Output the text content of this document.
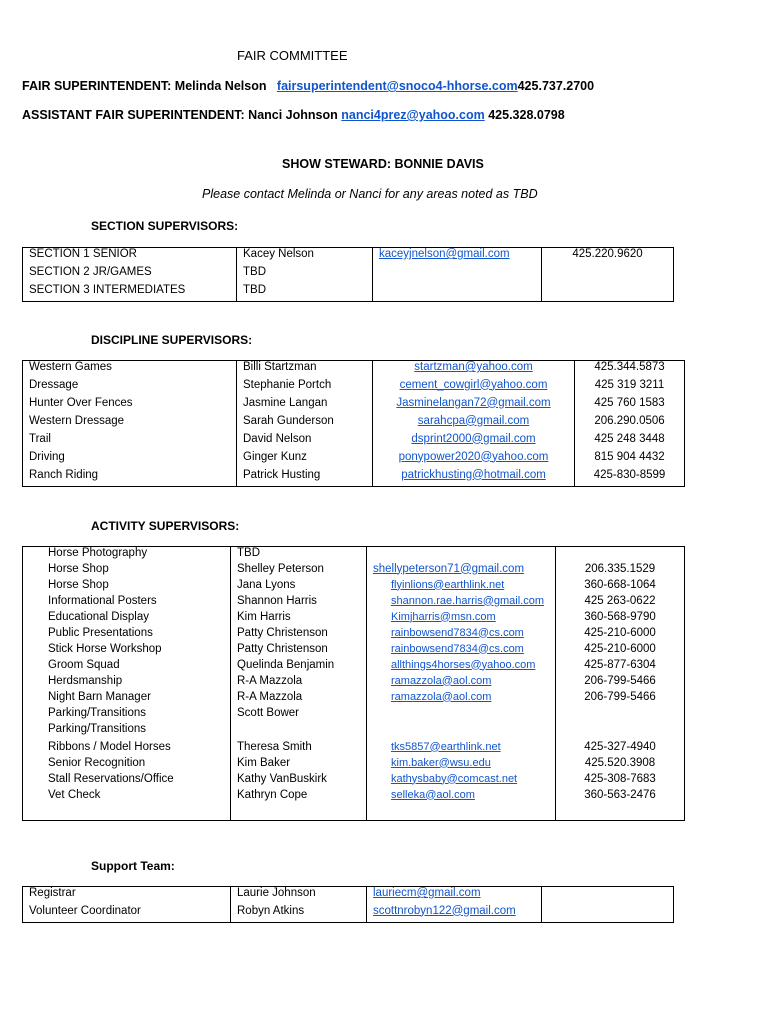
FAIR COMMITTEE
FAIR SUPERINTENDENT: Melinda Nelson fairsuperintendent@snoco4-hhorse.com425.737.2700
ASSISTANT FAIR SUPERINTENDENT: Nanci Johnson nanci4prez@yahoo.com 425.328.0798
SHOW STEWARD: BONNIE DAVIS
Please contact Melinda or Nanci for any areas noted as TBD
SECTION SUPERVISORS:
SECTION 1 SENIOR	Kacey Nelson	kaceyjnelson@gmail.com	425.220.9620
SECTION 2 JR/GAMES	TBD		
SECTION 3 INTERMEDIATES	TBD		
DISCIPLINE SUPERVISORS:
Western Games	Billi Startzman	startzman@yahoo.com	425.344.5873
Dressage	Stephanie Portch	cement_cowgirl@yahoo.com	425 319 3211
Hunter Over Fences	Jasmine Langan	Jasminelangan72@gmail.com	425 760 1583
Western Dressage	Sarah Gunderson	sarahcpa@gmail.com	206.290.0506
Trail	David Nelson	dsprint2000@gmail.com	425 248 3448
Driving	Ginger Kunz	ponypower2020@yahoo.com	815 904 4432
Ranch Riding	Patrick Husting	patrickhusting@hotmail.com	425-830-8599
ACTIVITY SUPERVISORS:
Horse Photography	TBD		
Horse Shop	Shelley Peterson	shellypeterson71@gmail.com	206.335.1529
Horse Shop	Jana Lyons	flyinlions@earthlink.net	360-668-1064
Informational Posters	Shannon Harris	shannon.rae.harris@gmail.com	425 263-0622
Educational Display	Kim Harris	Kimjharris@msn.com	360-568-9790
Public Presentations	Patty Christenson	rainbowsend7834@cs.com	425-210-6000
Stick Horse Workshop	Patty Christenson	rainbowsend7834@cs.com	425-210-6000
Groom Squad	Quelinda Benjamin	allthings4horses@yahoo.com	425-877-6304
Herdsmanship	R-A Mazzola	ramazzola@aol.com	206-799-5466
Night Barn Manager	R-A Mazzola	ramazzola@aol.com	206-799-5466
Parking/Transitions	Scott Bower		
Parking/Transitions			
Ribbons / Model Horses	Theresa Smith	tks5857@earthlink.net	425-327-4940
Senior Recognition	Kim Baker	kim.baker@wsu.edu	425.520.3908
Stall Reservations/Office	Kathy VanBuskirk	kathysbaby@comcast.net	425-308-7683
Vet Check	Kathryn Cope	selleka@aol.com	360-563-2476

Support Team:
Registrar	Laurie Johnson	lauriecm@gmail.com	
Volunteer Coordinator	Robyn Atkins	scottnrobyn122@gmail.com	
